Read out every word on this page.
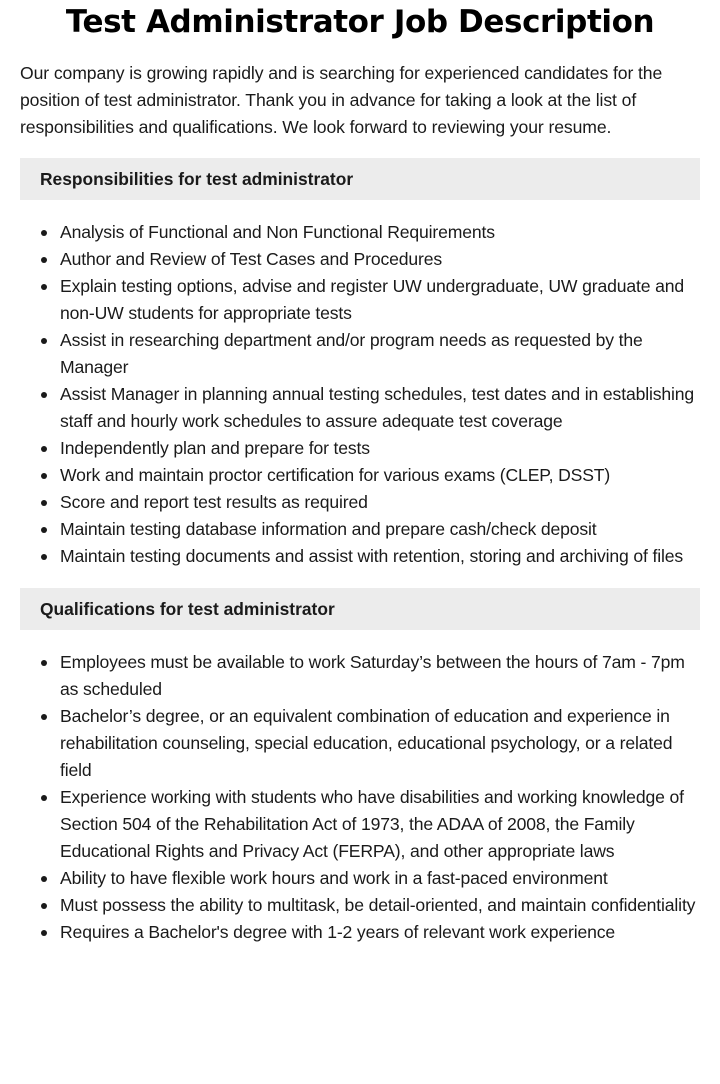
Test Administrator Job Description

Our company is growing rapidly and is searching for experienced candidates for the position of test administrator. Thank you in advance for taking a look at the list of responsibilities and qualifications. We look forward to reviewing your resume.

Responsibilities for test administrator
Analysis of Functional and Non Functional Requirements
Author and Review of Test Cases and Procedures
Explain testing options, advise and register UW undergraduate, UW graduate and non-UW students for appropriate tests
Assist in researching department and/or program needs as requested by the Manager
Assist Manager in planning annual testing schedules, test dates and in establishing staff and hourly work schedules to assure adequate test coverage
Independently plan and prepare for tests
Work and maintain proctor certification for various exams (CLEP, DSST)
Score and report test results as required
Maintain testing database information and prepare cash/check deposit
Maintain testing documents and assist with retention, storing and archiving of files
Qualifications for test administrator
Employees must be available to work Saturday’s between the hours of 7am - 7pm as scheduled
Bachelor’s degree, or an equivalent combination of education and experience in rehabilitation counseling, special education, educational psychology, or a related field
Experience working with students who have disabilities and working knowledge of Section 504 of the Rehabilitation Act of 1973, the ADAA of 2008, the Family Educational Rights and Privacy Act (FERPA), and other appropriate laws
Ability to have flexible work hours and work in a fast-paced environment
Must possess the ability to multitask, be detail-oriented, and maintain confidentiality
Requires a Bachelor's degree with 1-2 years of relevant work experience
